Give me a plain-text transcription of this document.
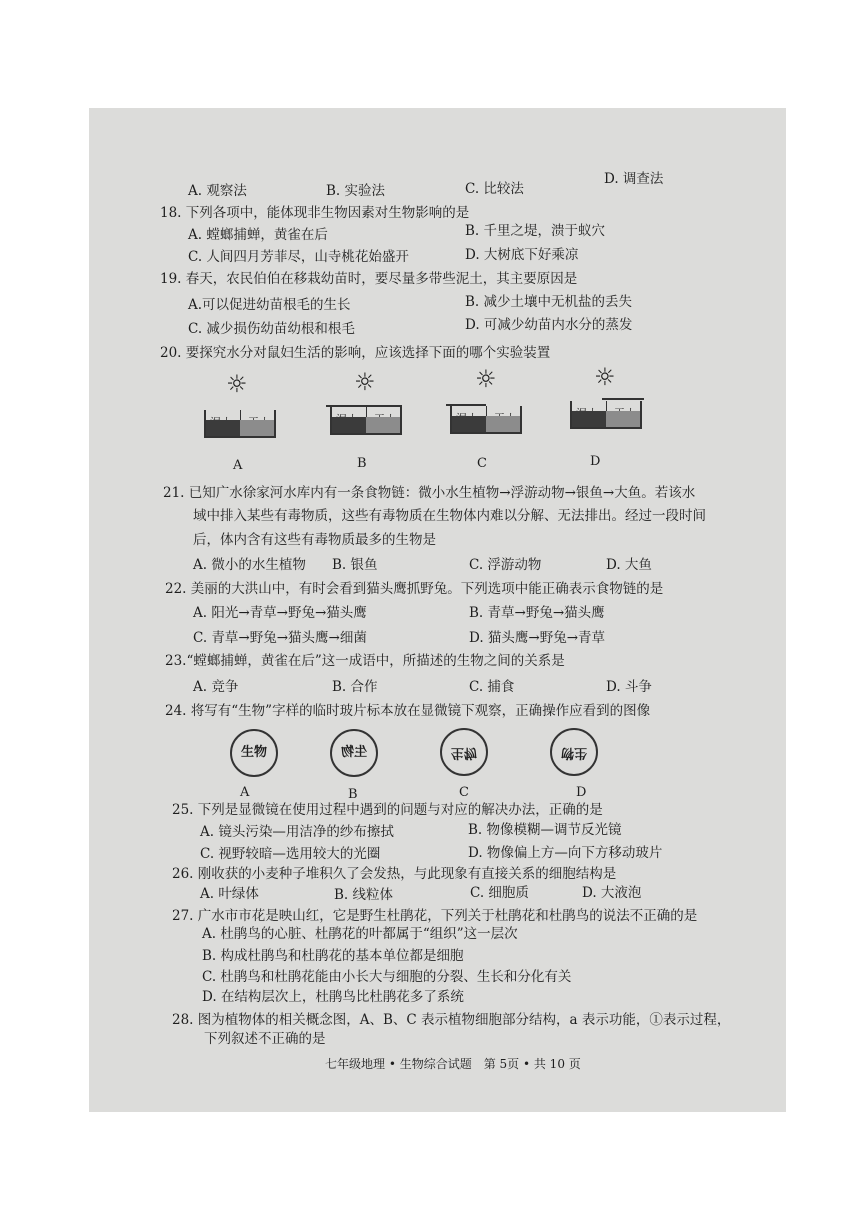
A. 观察法	B. 实验法	C. 比较法
D. 调查法
18. 下列各项中，能体现非生物因素对生物影响的是
A. 螳螂捕蝉，黄雀在后	B. 千里之堤，溃于蚁穴
C. 人间四月芳菲尽，山寺桃花始盛开	D. 大树底下好乘凉
19. 春天，农民伯伯在移栽幼苗时，要尽量多带些泥土，其主要原因是
A.可以促进幼苗根毛的生长	B. 减少土壤中无机盐的丢失
C. 减少损伤幼苗幼根和根毛	D. 可减少幼苗内水分的蒸发
20. 要探究水分对鼠妇生活的影响，应该选择下面的哪个实验装置
☼
A
☼
B
☼
C
☼
D
21. 已知广水徐家河水库内有一条食物链：微小水生植物→浮游动物→银鱼→大鱼。若该水
域中排入某些有毒物质，这些有毒物质在生物体内难以分解、无法排出。经过一段时间
后，体内含有这些有毒物质最多的生物是
A. 微小的水生植物 B. 银鱼	C. 浮游动物	D. 大鱼
22. 美丽的大洪山中，有时会看到猫头鹰抓野兔。下列选项中能正确表示食物链的是
A. 阳光→青草→野兔→猫头鹰	B. 青草→野兔→猫头鹰
C. 青草→野兔→猫头鹰→细菌	D. 猫头鹰→野兔→青草
23.“螳螂捕蝉，黄雀在后”这一成语中，所描述的生物之间的关系是
A. 竞争	B. 合作	C. 捕食	D. 斗争
24. 将写有“生物”字样的临时玻片标本放在显微镜下观察，正确操作应看到的图像
生物	生物	生物	生物
A	B	C	D
25. 下列是显微镜在使用过程中遇到的问题与对应的解决办法，正确的是
A. 镜头污染—用洁净的纱布擦拭	B. 物像模糊—调节反光镜
C. 视野较暗—选用较大的光圈	D. 物像偏上方—向下方移动玻片
26. 刚收获的小麦种子堆积久了会发热，与此现象有直接关系的细胞结构是
A. 叶绿体	B. 线粒体	C. 细胞质	D. 大液泡
27. 广水市市花是映山红，它是野生杜鹃花，下列关于杜鹃花和杜鹃鸟的说法不正确的是
A. 杜鹃鸟的心脏、杜鹃花的叶都属于“组织”这一层次
B. 构成杜鹃鸟和杜鹃花的基本单位都是细胞
C. 杜鹃鸟和杜鹃花能由小长大与细胞的分裂、生长和分化有关
D. 在结构层次上，杜鹃鸟比杜鹃花多了系统
28. 图为植物体的相关概念图，A、B、C 表示植物细胞部分结构，a 表示功能，①表示过程，
下列叙述不正确的是
七年级地理 • 生物综合试题　第 5页 • 共 10 页
